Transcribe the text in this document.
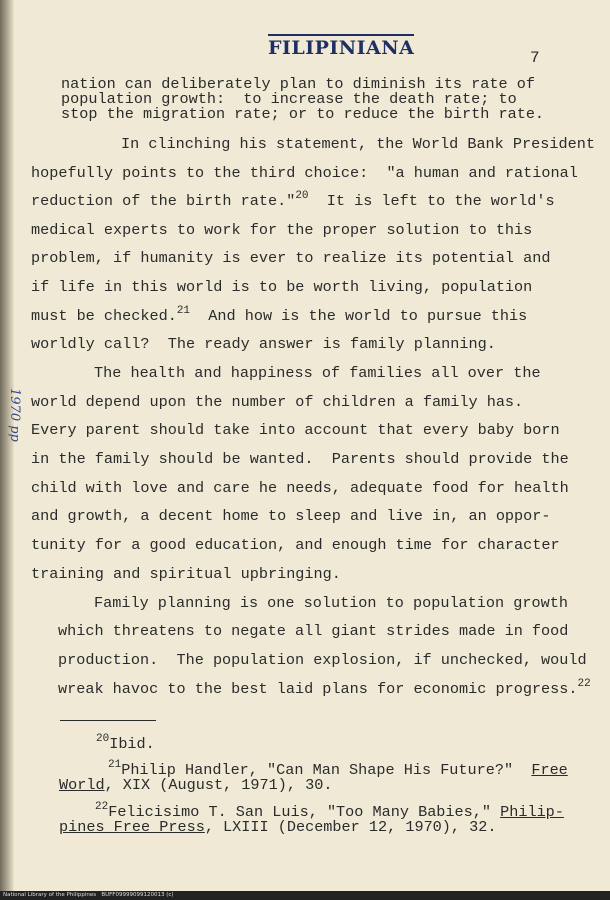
FILIPINIANA	7
1970 pp
nation can deliberately plan to diminish its rate of
population growth:  to increase the death rate; to
stop the migration rate; or to reduce the birth rate.
In clinching his statement, the World Bank President
hopefully points to the third choice:  "a human and rational
reduction of the birth rate."$^{20}$  It is left to the world's
medical experts to work for the proper solution to this
problem, if humanity is ever to realize its potential and
if life in this world is to be worth living, population
must be checked.$^{21}$  And how is the world to pursue this
worldly call?  The ready answer is family planning.
The health and happiness of families all over the
world depend upon the number of children a family has.
Every parent should take into account that every baby born
in the family should be wanted.  Parents should provide the
child with love and care he needs, adequate food for health
and growth, a decent home to sleep and live in, an oppor-
tunity for a good education, and enough time for character
training and spiritual upbringing.
Family planning is one solution to population growth
which threatens to negate all giant strides made in food
production.  The population explosion, if unchecked, would
wreak havoc to the best laid plans for economic progress.$^{22}$
$^{20}$Ibid.
$^{21}$Philip Handler, "Can Man Shape His Future?"  Free
World, XIX (August, 1971), 30.
$^{22}$Felicisimo T. San Luis, "Too Many Babies," Philip-
pines Free Press, LXIII (December 12, 1970), 32.
National Library of the Philippines   BUFF09999099120013 (c)
